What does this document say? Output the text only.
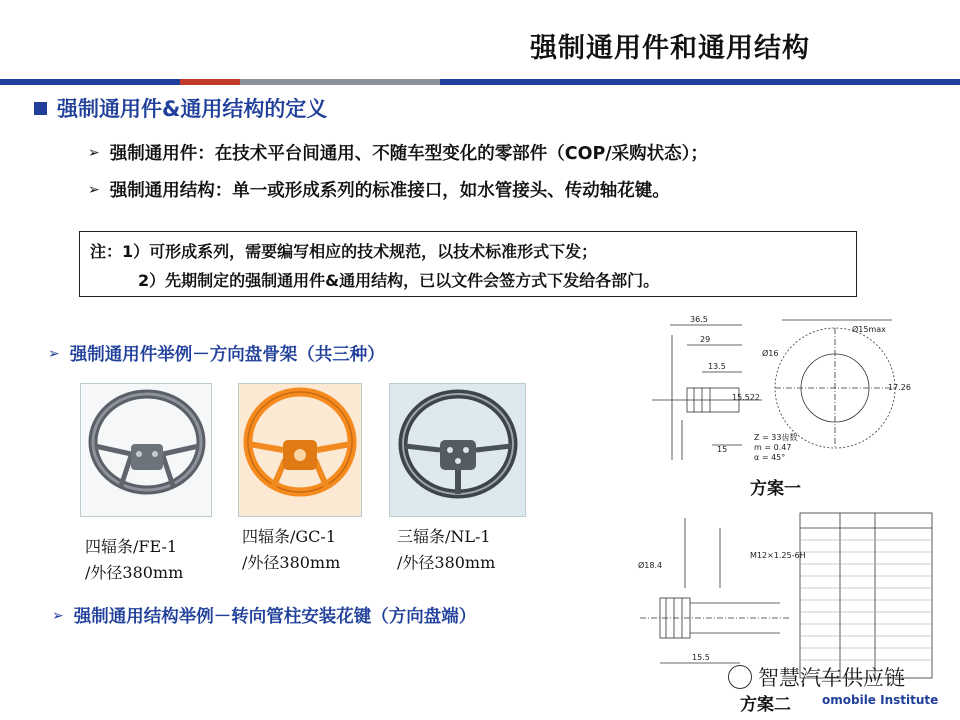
强制通用件和通用结构
强制通用件&通用结构的定义
➢ 强制通用件：在技术平台间通用、不随车型变化的零部件（COP/采购状态）；
➢ 强制通用结构：单一或形成系列的标准接口，如水管接头、传动轴花键。
注：1）可形成系列，需要编写相应的技术规范，以技术标准形式下发；
2）先期制定的强制通用件&通用结构，已以文件会签方式下发给各部门。
➢ 强制通用件举例－方向盘骨架（共三种）
四辐条/FE-1
/外径380mm
四辐条/GC-1
/外径380mm
三辐条/NL-1
/外径380mm
➢ 强制通用结构举例－转向管柱安装花键（方向盘端）
36.5
29
13.5
15.522
15
Z = 33齿数
m = 0.47
α = 45°
Ø15max
17.26
Ø16
方案一
15.5
Ø18.4
M12×1.25-6H
方案二
智慧汽车供应链
omobile Institute
